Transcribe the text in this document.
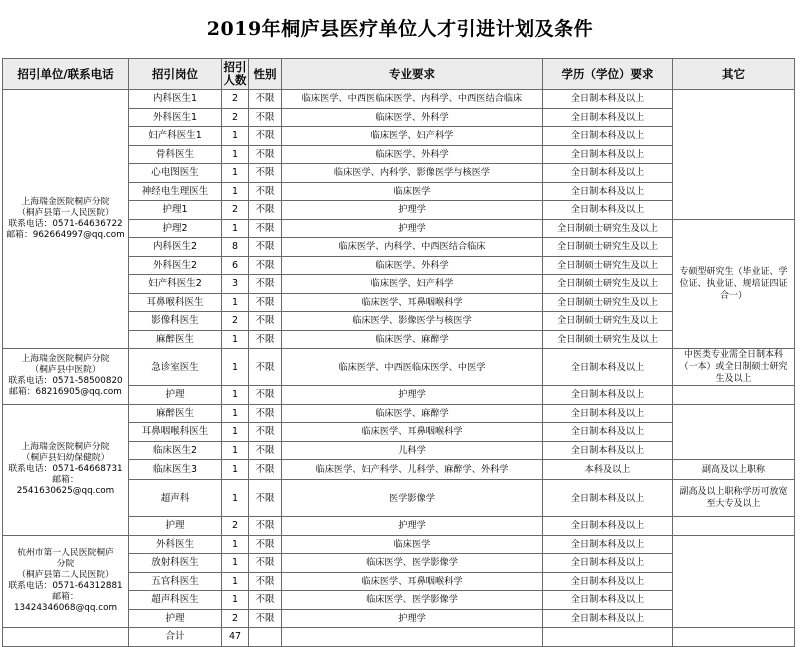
2019年桐庐县医疗单位人才引进计划及条件
招引单位/联系电话	招引岗位	招引人数	性别	专业要求	学历（学位）要求	其它
上海瑞金医院桐庐分院
（桐庐县第一人民医院）
联系电话：0571-64636722
邮箱：962664997@qq.com	内科医生1	2	不限	临床医学、中西医临床医学、内科学、中西医结合临床	全日制本科及以上	
	外科医生1	2	不限	临床医学、外科学	全日制本科及以上	
	妇产科医生1	1	不限	临床医学、妇产科学	全日制本科及以上	
	骨科医生	1	不限	临床医学、外科学	全日制本科及以上	
	心电图医生	1	不限	临床医学、内科学、影像医学与核医学	全日制本科及以上	
	神经电生理医生	1	不限	临床医学	全日制本科及以上	
	护理1	2	不限	护理学	全日制本科及以上	
	护理2	1	不限	护理学	全日制硕士研究生及以上	专硕型研究生（毕业证、学
位证、执业证、规培证四证
合一）
	内科医生2	8	不限	临床医学、内科学、中西医结合临床	全日制硕士研究生及以上	
	外科医生2	6	不限	临床医学、外科学	全日制硕士研究生及以上	
	妇产科医生2	3	不限	临床医学、妇产科学	全日制硕士研究生及以上	
	耳鼻喉科医生	1	不限	临床医学、耳鼻咽喉科学	全日制硕士研究生及以上	
	影像科医生	2	不限	临床医学、影像医学与核医学	全日制硕士研究生及以上	
	麻醉医生	1	不限	临床医学、麻醉学	全日制硕士研究生及以上	
上海瑞金医院桐庐分院
（桐庐县中医院）
联系电话：0571-58500820
邮箱：68216905@qq.com	急诊室医生	1	不限	临床医学、中西医临床医学、中医学	全日制本科及以上	中医类专业需全日制本科
（一本）或全日制硕士研究
生及以上
	护理	1	不限	护理学	全日制本科及以上	
上海瑞金医院桐庐分院
（桐庐县妇幼保健院）
联系电话：0571-64668731
邮箱：2541630625@qq.com	麻醉医生	1	不限	临床医学、麻醉学	全日制本科及以上	
	耳鼻咽喉科医生	1	不限	临床医学、耳鼻咽喉科学	全日制本科及以上	
	临床医生2	1	不限	儿科学	全日制本科及以上	
	临床医生3	1	不限	临床医学、妇产科学、儿科学、麻醉学、外科学	本科及以上	副高及以上职称
	超声科	1	不限	医学影像学	全日制本科及以上	副高及以上职称学历可放宽
至大专及以上
	护理	2	不限	护理学	全日制本科及以上	
杭州市第一人民医院桐庐
分院
（桐庐县第二人民医院）
联系电话：0571-64312881
邮箱：13424346068@qq.com	外科医生	1	不限	临床医学	全日制本科及以上	
	放射科医生	1	不限	临床医学、医学影像学	全日制本科及以上	
	五官科医生	1	不限	临床医学、耳鼻咽喉科学	全日制本科及以上	
	超声科医生	1	不限	临床医学、医学影像学	全日制本科及以上	
	护理	2	不限	护理学	全日制本科及以上	
	合计	47				
